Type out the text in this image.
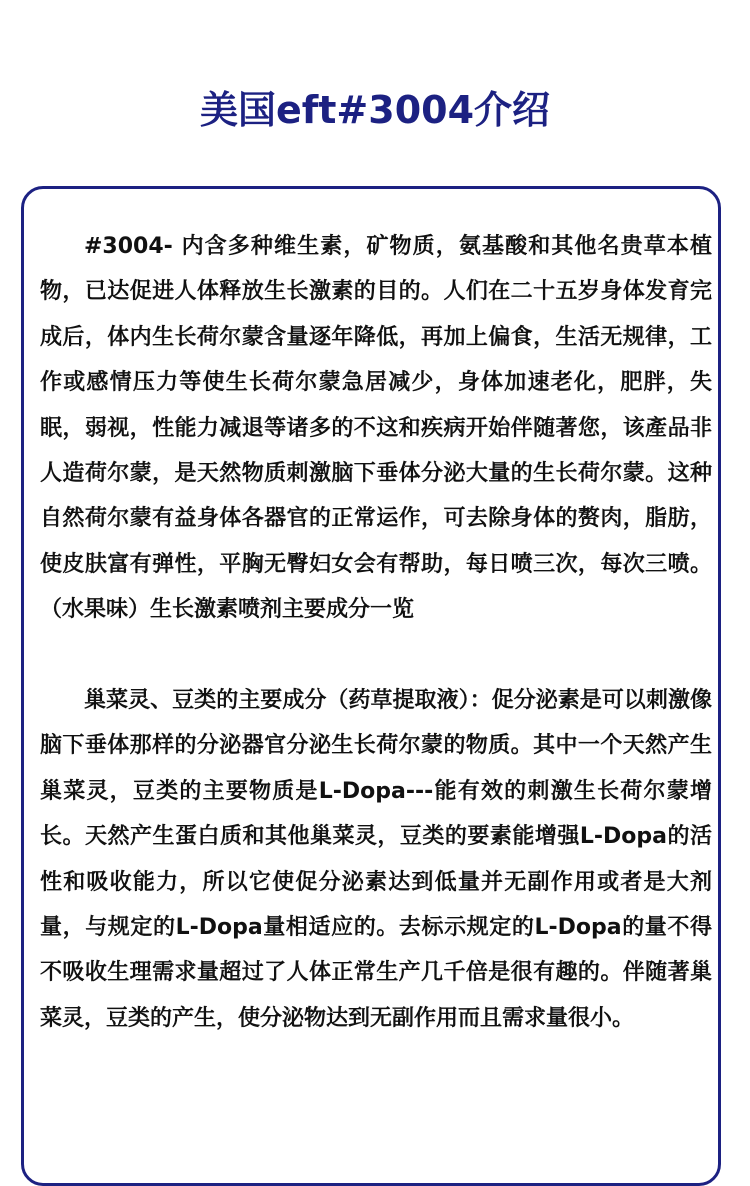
美国eft#3004介绍

#3004- 内含多种维生素，矿物质，氨基酸和其他名贵草本植物，已达促进人体释放生长激素的目的。人们在二十五岁身体发育完成后，体内生长荷尔蒙含量逐年降低，再加上偏食，生活无规律，工作或感情压力等使生长荷尔蒙急居减少，身体加速老化，肥胖，失眠，弱视，性能力减退等诸多的不这和疾病开始伴随著您，该產品非人造荷尔蒙，是天然物质刺激脑下垂体分泌大量的生长荷尔蒙。这种自然荷尔蒙有益身体各器官的正常运作，可去除身体的赘肉，脂肪，使皮肤富有弹性，平胸无臀妇女会有帮助，每日喷三次，每次三喷。（水果味）生长激素喷剂主要成分一览

巢菜灵、豆类的主要成分（药草提取液）：促分泌素是可以刺激像脑下垂体那样的分泌器官分泌生长荷尔蒙的物质。其中一个天然产生巢菜灵，豆类的主要物质是L-Dopa---能有效的刺激生长荷尔蒙增长。天然产生蛋白质和其他巢菜灵，豆类的要素能增强L-Dopa的活性和吸收能力，所以它使促分泌素达到低量并无副作用或者是大剂量，与规定的L-Dopa量相适应的。去标示规定的L-Dopa的量不得不吸收生理需求量超过了人体正常生产几千倍是很有趣的。伴随著巢菜灵，豆类的产生，使分泌物达到无副作用而且需求量很小。
